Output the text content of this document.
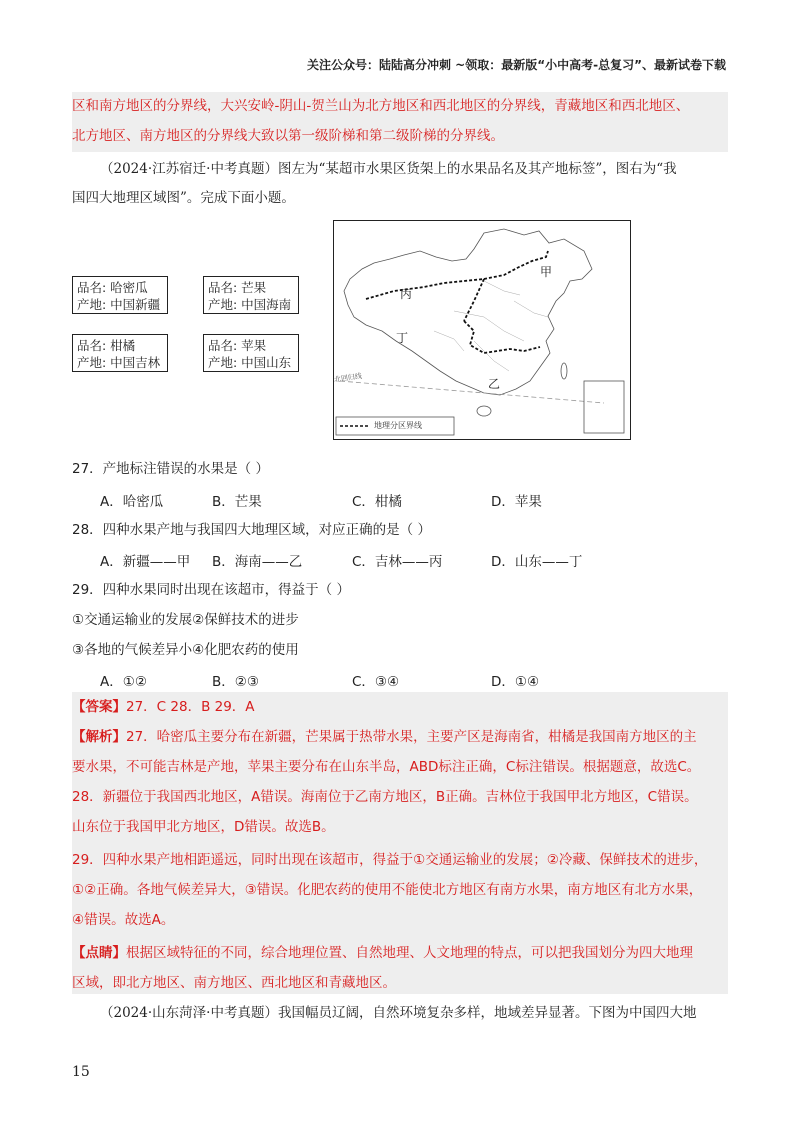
关注公众号：陆陆高分冲刺 ~领取：最新版“小中高考-总复习”、最新试卷下载
区和南方地区的分界线，大兴安岭-阴山-贺兰山为北方地区和西北地区的分界线，青藏地区和西北地区、
北方地区、南方地区的分界线大致以第一级阶梯和第二级阶梯的分界线。
（2024·江苏宿迁·中考真题）图左为“某超市水果区货架上的水果品名及其产地标签”，图右为“我
国四大地理区域图”。完成下面小题。
品名: 哈密瓜
产地: 中国新疆
品名: 芒果
产地: 中国海南
品名: 柑橘
产地: 中国吉林
品名: 苹果
产地: 中国山东
甲
丙
丁
乙
北回归线
地理分区界线
27．产地标注错误的水果是（ ）
A．哈密瓜	B．芒果	C．柑橘	D．苹果
28．四种水果产地与我国四大地理区域，对应正确的是（ ）
A．新疆——甲 B．海南——乙	C．吉林——丙	D．山东——丁
29．四种水果同时出现在该超市，得益于（ ）
①交通运输业的发展②保鲜技术的进步
③各地的气候差异小④化肥农药的使用
A．①②	B．②③	C．③④	D．①④
【答案】27．C 28．B 29．A
【解析】27．哈密瓜主要分布在新疆，芒果属于热带水果，主要产区是海南省，柑橘是我国南方地区的主
要水果，不可能吉林是产地，苹果主要分布在山东半岛，ABD标注正确，C标注错误。根据题意，故选C。
28．新疆位于我国西北地区，A错误。海南位于乙南方地区，B正确。吉林位于我国甲北方地区，C错误。
山东位于我国甲北方地区，D错误。故选B。
29．四种水果产地相距遥远，同时出现在该超市，得益于①交通运输业的发展；②冷藏、保鲜技术的进步，
①②正确。各地气候差异大，③错误。化肥农药的使用不能使北方地区有南方水果，南方地区有北方水果，
④错误。故选A。
【点睛】根据区域特征的不同，综合地理位置、自然地理、人文地理的特点，可以把我国划分为四大地理
区域，即北方地区、南方地区、西北地区和青藏地区。
（2024·山东菏泽·中考真题）我国幅员辽阔，自然环境复杂多样，地域差异显著。下图为中国四大地
15
